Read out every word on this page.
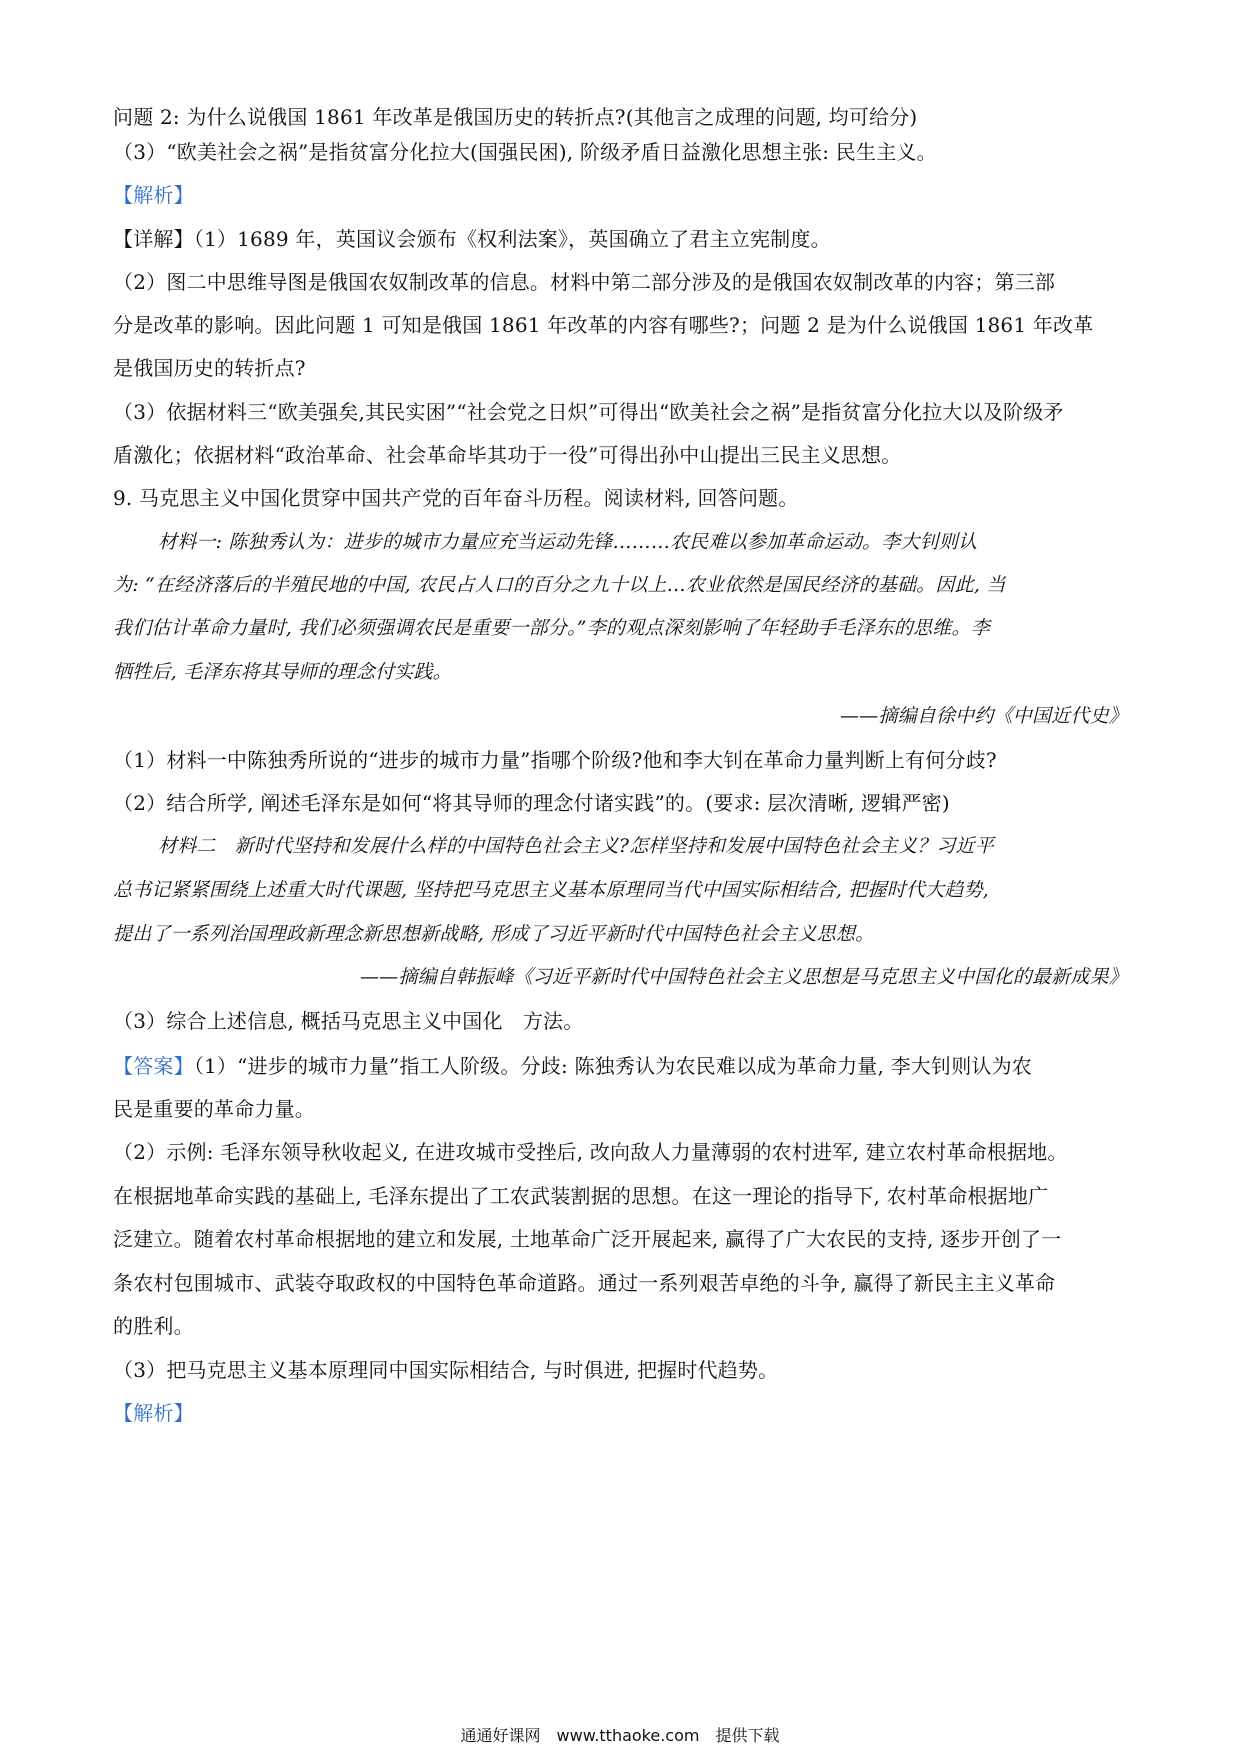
问题 2: 为什么说俄国 1861 年改革是俄国历史的转折点?(其他言之成理的问题, 均可给分)
（3）“欧美社会之祸”是指贫富分化拉大(国强民困), 阶级矛盾日益激化思想主张: 民生主义。
【解析】
【详解】（1）1689 年，英国议会颁布《权利法案》，英国确立了君主立宪制度。
（2）图二中思维导图是俄国农奴制改革的信息。材料中第二部分涉及的是俄国农奴制改革的内容；第三部
分是改革的影响。因此问题 1 可知是俄国 1861 年改革的内容有哪些?；问题 2 是为什么说俄国 1861 年改革
是俄国历史的转折点?
（3）依据材料三“欧美强矣,其民实困”“社会党之日炽”可得出“欧美社会之祸”是指贫富分化拉大以及阶级矛
盾激化；依据材料“政治革命、社会革命毕其功于一役”可得出孙中山提出三民主义思想。
9. 马克思主义中国化贯穿中国共产党的百年奋斗历程。阅读材料, 回答问题。
材料一: 陈独秀认为：进步的城市力量应充当运动先锋………农民难以参加革命运动。李大钊则认
为: “在经济落后的半殖民地的中国, 农民占人口的百分之九十以上…农业依然是国民经济的基础。因此, 当
我们估计革命力量时, 我们必须强调农民是重要一部分。”李的观点深刻影响了年轻助手毛泽东的思维。李
牺牲后, 毛泽东将其导师的理念付实践。
——摘编自徐中约《中国近代史》
（1）材料一中陈独秀所说的“进步的城市力量”指哪个阶级?他和李大钊在革命力量判断上有何分歧?
（2）结合所学, 阐述毛泽东是如何“将其导师的理念付诸实践”的。(要求: 层次清晰, 逻辑严密)
材料二　新时代坚持和发展什么样的中国特色社会主义?怎样坚持和发展中国特色社会主义？习近平
总书记紧紧围绕上述重大时代课题, 坚持把马克思主义基本原理同当代中国实际相结合, 把握时代大趋势,
提出了一系列治国理政新理念新思想新战略, 形成了习近平新时代中国特色社会主义思想。
——摘编自韩振峰《习近平新时代中国特色社会主义思想是马克思主义中国化的最新成果》
（3）综合上述信息, 概括马克思主义中国化　方法。
【答案】（1）“进步的城市力量”指工人阶级。分歧: 陈独秀认为农民难以成为革命力量, 李大钊则认为农
民是重要的革命力量。
（2）示例: 毛泽东领导秋收起义, 在进攻城市受挫后, 改向敌人力量薄弱的农村进军, 建立农村革命根据地。
在根据地革命实践的基础上, 毛泽东提出了工农武装割据的思想。在这一理论的指导下, 农村革命根据地广
泛建立。随着农村革命根据地的建立和发展, 土地革命广泛开展起来, 赢得了广大农民的支持, 逐步开创了一
条农村包围城市、武装夺取政权的中国特色革命道路。通过一系列艰苦卓绝的斗争, 赢得了新民主主义革命
的胜利。
（3）把马克思主义基本原理同中国实际相结合, 与时俱进, 把握时代趋势。
【解析】
通通好课网　www.tthaoke.com　提供下载
